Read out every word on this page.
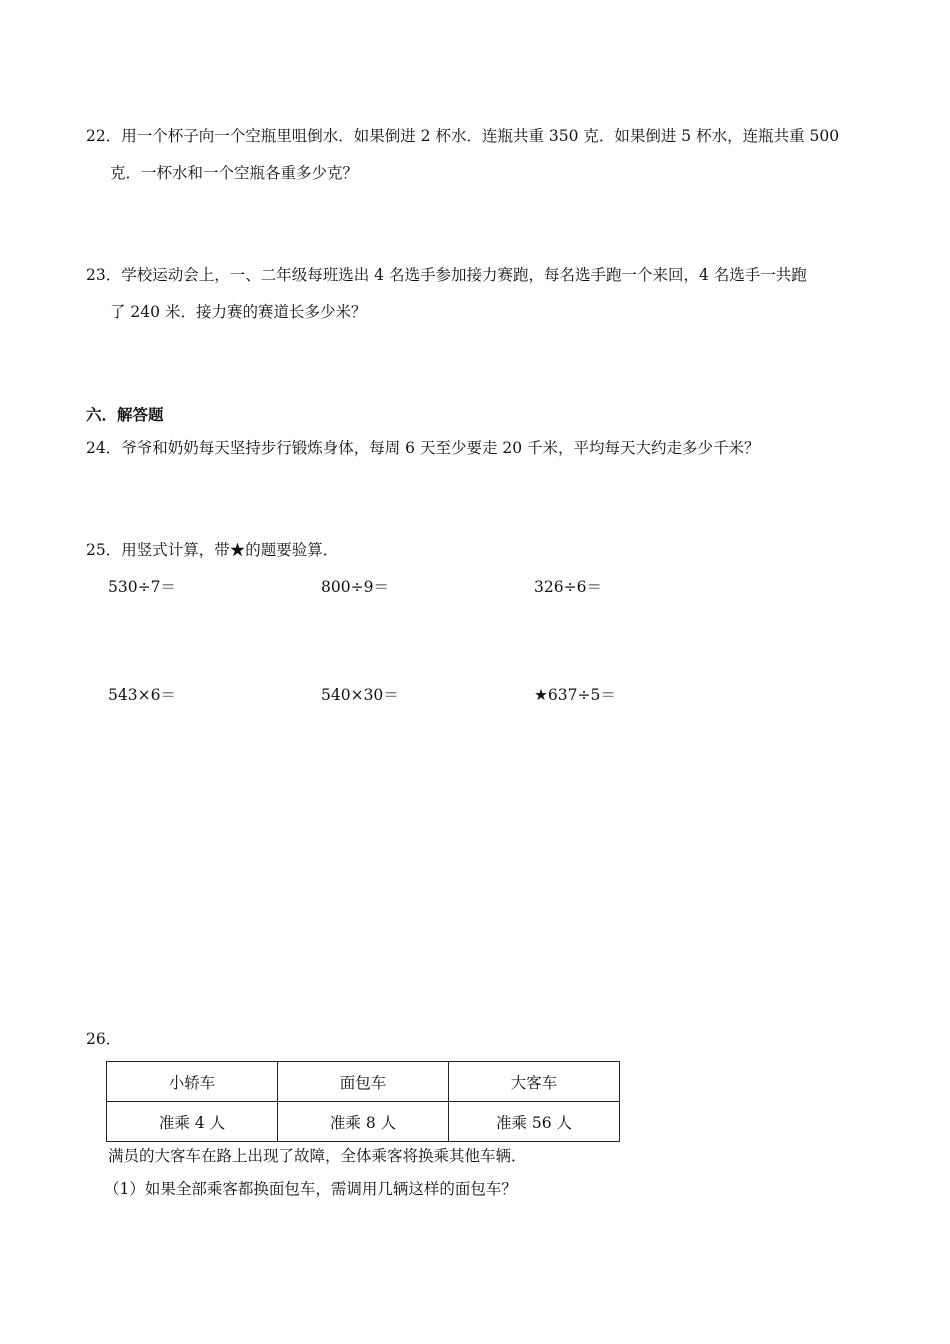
22．用一个杯子向一个空瓶里咀倒水．如果倒进 2 杯水．连瓶共重 350 克．如果倒进 5 杯水，连瓶共重 500
克．一杯水和一个空瓶各重多少克？
23．学校运动会上，一、二年级每班选出 4 名选手参加接力赛跑，每名选手跑一个来回，4 名选手一共跑
了 240 米．接力赛的赛道长多少米？
六．解答题
24．爷爷和奶奶每天坚持步行锻炼身体，每周 6 天至少要走 20 千米，平均每天大约走多少千米？
25．用竖式计算，带★的题要验算．
530÷7＝	800÷9＝	326÷6＝
543×6＝	540×30＝	★637÷5＝
26．
小轿车	面包车	大客车
准乘 4 人	准乘 8 人	准乘 56 人
满员的大客车在路上出现了故障，全体乘客将换乘其他车辆．
（1）如果全部乘客都换面包车，需调用几辆这样的面包车？
